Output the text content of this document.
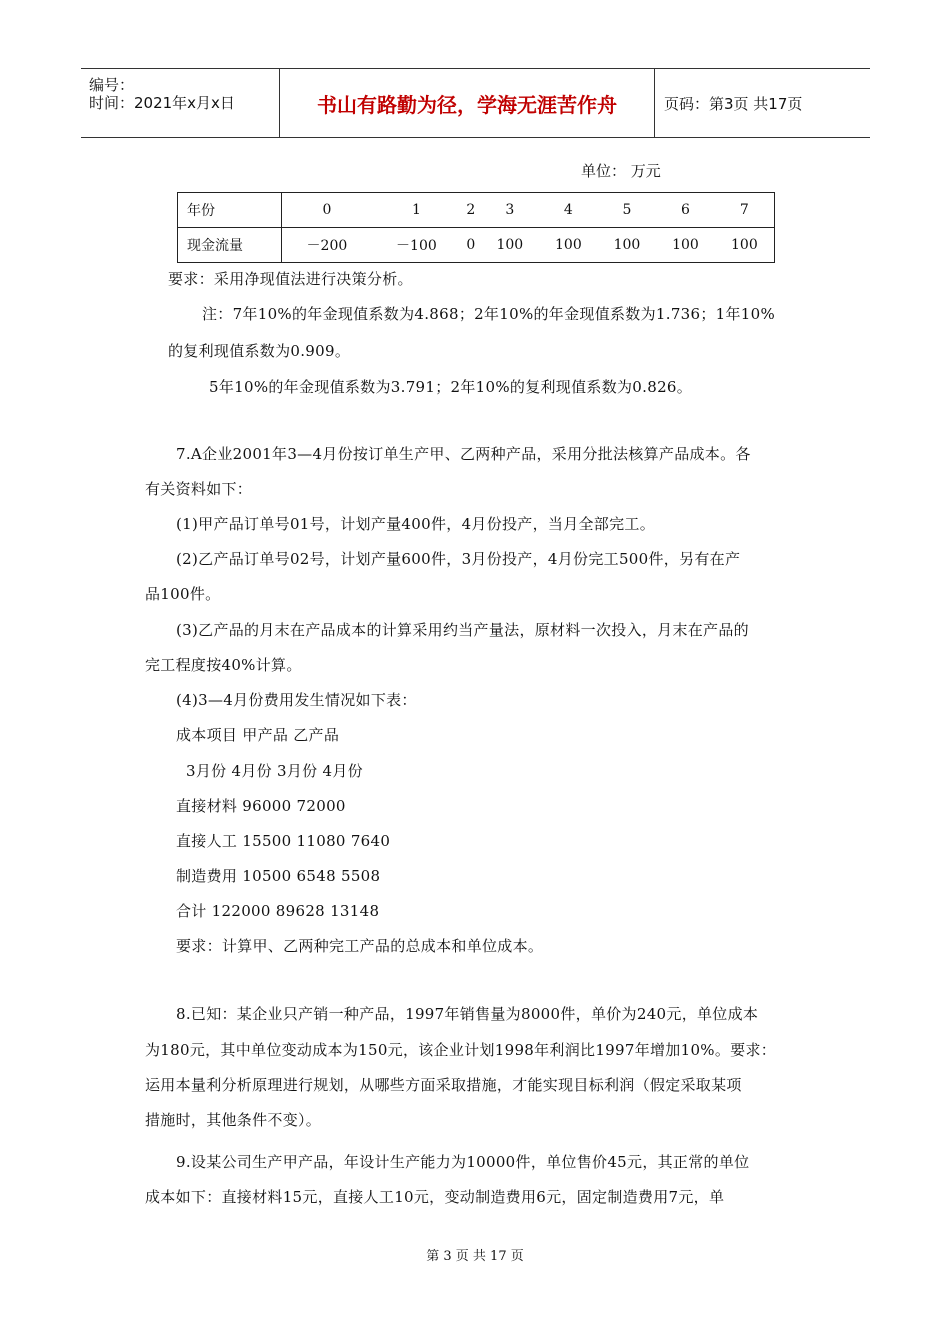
编号：
时间：2021年x月x日	书山有路勤为径，学海无涯苦作舟	页码：第3页 共17页
单位： 万元
年份	0	1	2	3	4	5	6	7
现金流量	－200	－100	0	100	100	100	100	100
要求：采用净现值法进行决策分析。
注：7年10%的年金现值系数为4.868；2年10%的年金现值系数为1.736；1年10%
的复利现值系数为0.909。
5年10%的年金现值系数为3.791；2年10%的复利现值系数为0.826。
7.A企业2001年3—4月份按订单生产甲、乙两种产品，采用分批法核算产品成本。各
有关资料如下：
(1)甲产品订单号01号，计划产量400件，4月份投产，当月全部完工。
(2)乙产品订单号02号，计划产量600件，3月份投产，4月份完工500件，另有在产
品100件。
(3)乙产品的月末在产品成本的计算采用约当产量法，原材料一次投入，月末在产品的
完工程度按40%计算。
(4)3—4月份费用发生情况如下表：
成本项目 甲产品 乙产品
3月份 4月份 3月份 4月份
直接材料 96000 72000
直接人工 15500 11080 7640
制造费用 10500 6548 5508
合计 122000 89628 13148
要求：计算甲、乙两种完工产品的总成本和单位成本。
8.已知：某企业只产销一种产品，1997年销售量为8000件，单价为240元，单位成本
为180元，其中单位变动成本为150元，该企业计划1998年利润比1997年增加10%。要求：
运用本量利分析原理进行规划，从哪些方面采取措施，才能实现目标利润（假定采取某项
措施时，其他条件不变）。
9.设某公司生产甲产品，年设计生产能力为10000件，单位售价45元，其正常的单位
成本如下：直接材料15元，直接人工10元，变动制造费用6元，固定制造费用7元，单
第 3 页 共 17 页
